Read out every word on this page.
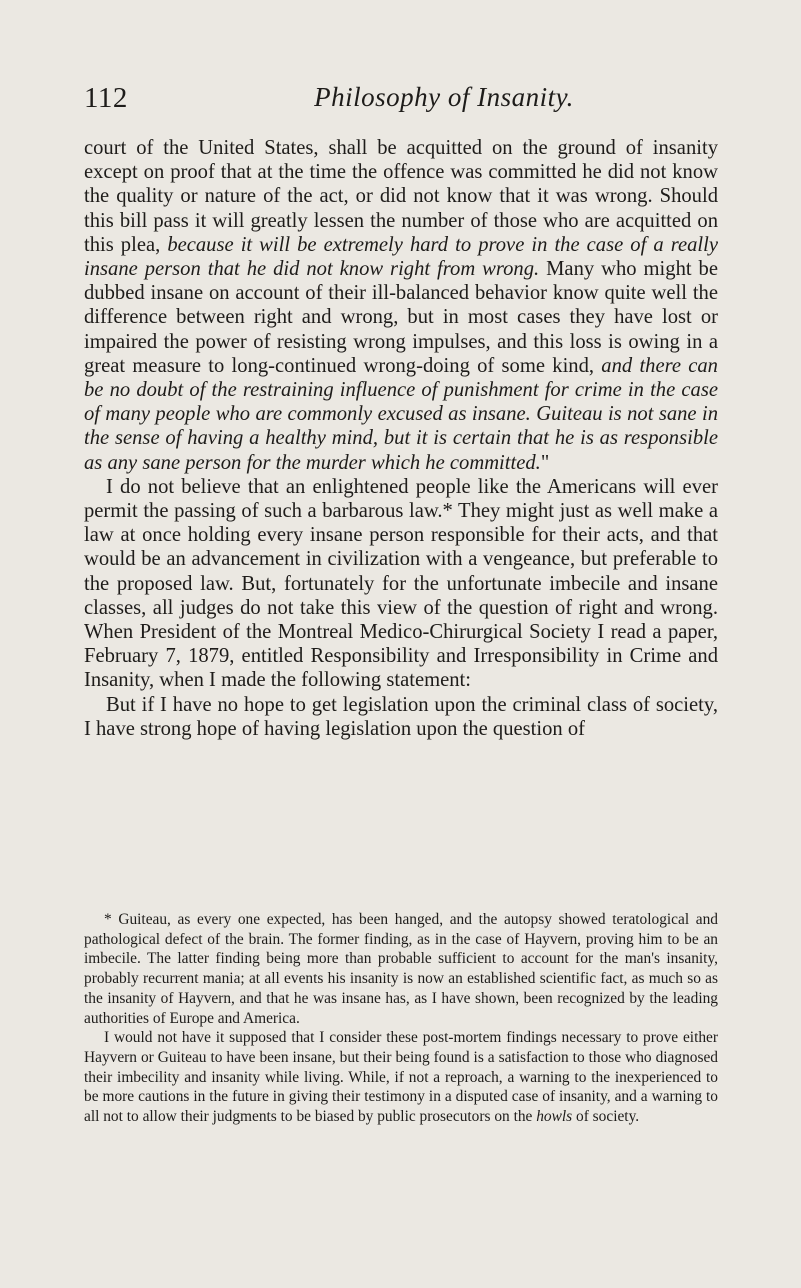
112	Philosophy of Insanity.

court of the United States, shall be acquitted on the ground of insanity except on proof that at the time the offence was committed he did not know the quality or nature of the act, or did not know that it was wrong. Should this bill pass it will greatly lessen the number of those who are acquitted on this plea, because it will be extremely hard to prove in the case of a really insane person that he did not know right from wrong. Many who might be dubbed insane on account of their ill-balanced behavior know quite well the difference between right and wrong, but in most cases they have lost or impaired the power of resisting wrong impulses, and this loss is owing in a great measure to long-continued wrong-doing of some kind, and there can be no doubt of the restraining influence of punishment for crime in the case of many people who are commonly excused as insane. Guiteau is not sane in the sense of having a healthy mind, but it is certain that he is as responsible as any sane person for the murder which he committed."

I do not believe that an enlightened people like the Americans will ever permit the passing of such a barbarous law.* They might just as well make a law at once holding every insane person responsible for their acts, and that would be an advancement in civilization with a vengeance, but preferable to the proposed law. But, fortunately for the unfortunate imbecile and insane classes, all judges do not take this view of the question of right and wrong. When President of the Montreal Medico-Chirurgical Society I read a paper, February 7, 1879, entitled Responsibility and Irresponsibility in Crime and Insanity, when I made the following statement:

But if I have no hope to get legislation upon the criminal class of society, I have strong hope of having legislation upon the question of

* Guiteau, as every one expected, has been hanged, and the autopsy showed teratological and pathological defect of the brain. The former finding, as in the case of Hayvern, proving him to be an imbecile. The latter finding being more than probable sufficient to account for the man's insanity, probably recurrent mania; at all events his insanity is now an established scientific fact, as much so as the insanity of Hayvern, and that he was insane has, as I have shown, been recognized by the leading authorities of Europe and America.

I would not have it supposed that I consider these post-mortem findings necessary to prove either Hayvern or Guiteau to have been insane, but their being found is a satisfaction to those who diagnosed their imbecility and insanity while living. While, if not a reproach, a warning to the inexperienced to be more cautions in the future in giving their testimony in a disputed case of insanity, and a warning to all not to allow their judgments to be biased by public prosecutors on the howls of society.
